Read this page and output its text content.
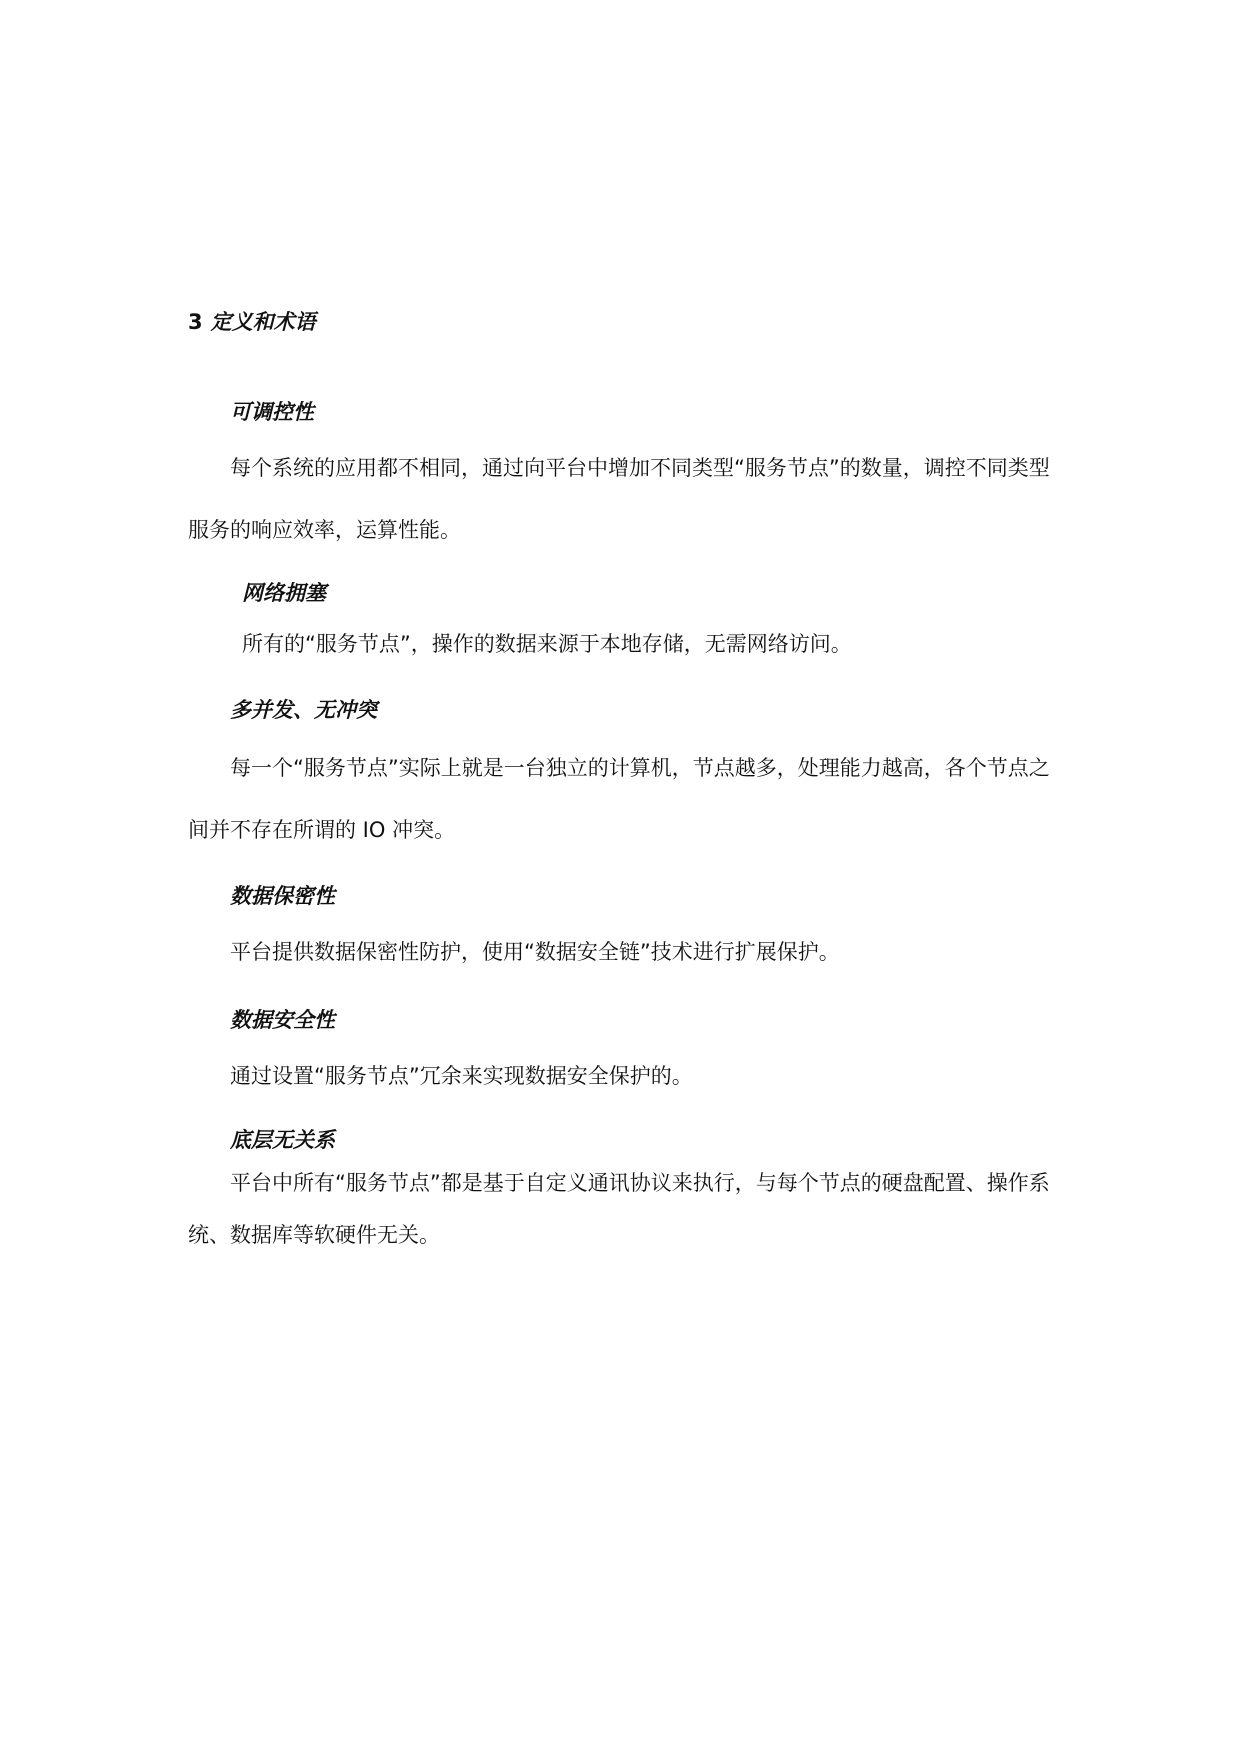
3 定义和术语
可调控性

每个系统的应用都不相同，通过向平台中增加不同类型“服务节点”的数量，调控不同类型服务的响应效率，运算性能。

网络拥塞

所有的“服务节点”，操作的数据来源于本地存储，无需网络访问。

多并发、无冲突

每一个“服务节点”实际上就是一台独立的计算机，节点越多，处理能力越高，各个节点之间并不存在所谓的 IO 冲突。

数据保密性

平台提供数据保密性防护，使用“数据安全链”技术进行扩展保护。

数据安全性

通过设置“服务节点”冗余来实现数据安全保护的。

底层无关系

平台中所有“服务节点”都是基于自定义通讯协议来执行，与每个节点的硬盘配置、操作系统、数据库等软硬件无关。
